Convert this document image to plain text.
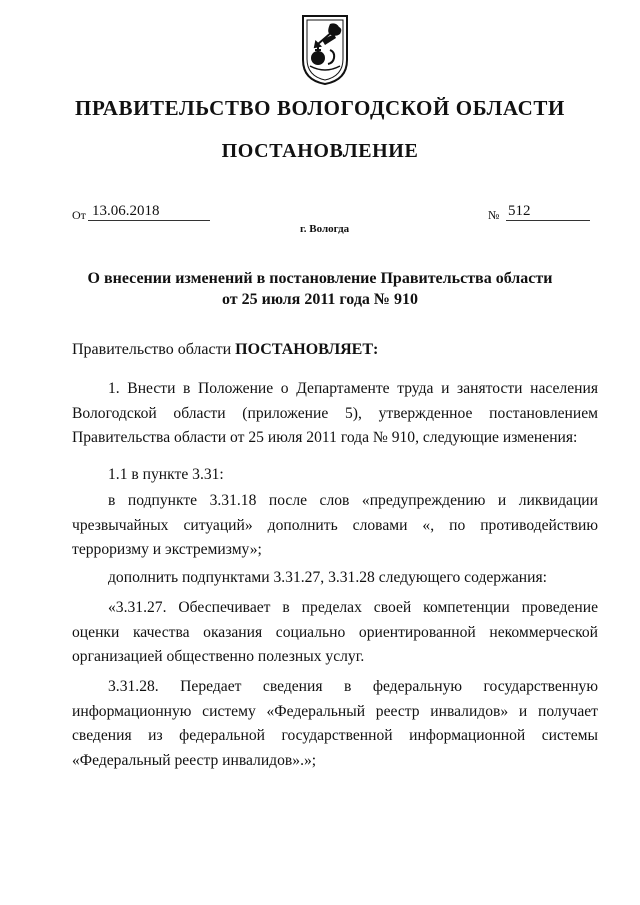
ПРАВИТЕЛЬСТВО ВОЛОГОДСКОЙ ОБЛАСТИ
ПОСТАНОВЛЕНИЕ
От 13.06.2018	№ 512
г. Вологда
О внесении изменений в постановление Правительства области
от 25 июля 2011 года № 910
Правительство области ПОСТАНОВЛЯЕТ:
1. Внести в Положение о Департаменте труда и занятости населения Вологодской области (приложение 5), утвержденное постановлением Правительства области от 25 июля 2011 года № 910, следующие изменения:
1.1 в пункте 3.31:
в подпункте 3.31.18 после слов «предупреждению и ликвидации чрезвычайных ситуаций» дополнить словами «, по противодействию терроризму и экстремизму»;
дополнить подпунктами 3.31.27, 3.31.28 следующего содержания:
«3.31.27. Обеспечивает в пределах своей компетенции проведение оценки качества оказания социально ориентированной некоммерческой организацией общественно полезных услуг.
3.31.28. Передает сведения в федеральную государственную информационную систему «Федеральный реестр инвалидов» и получает сведения из федеральной государственной информационной системы «Федеральный реестр инвалидов».»;
